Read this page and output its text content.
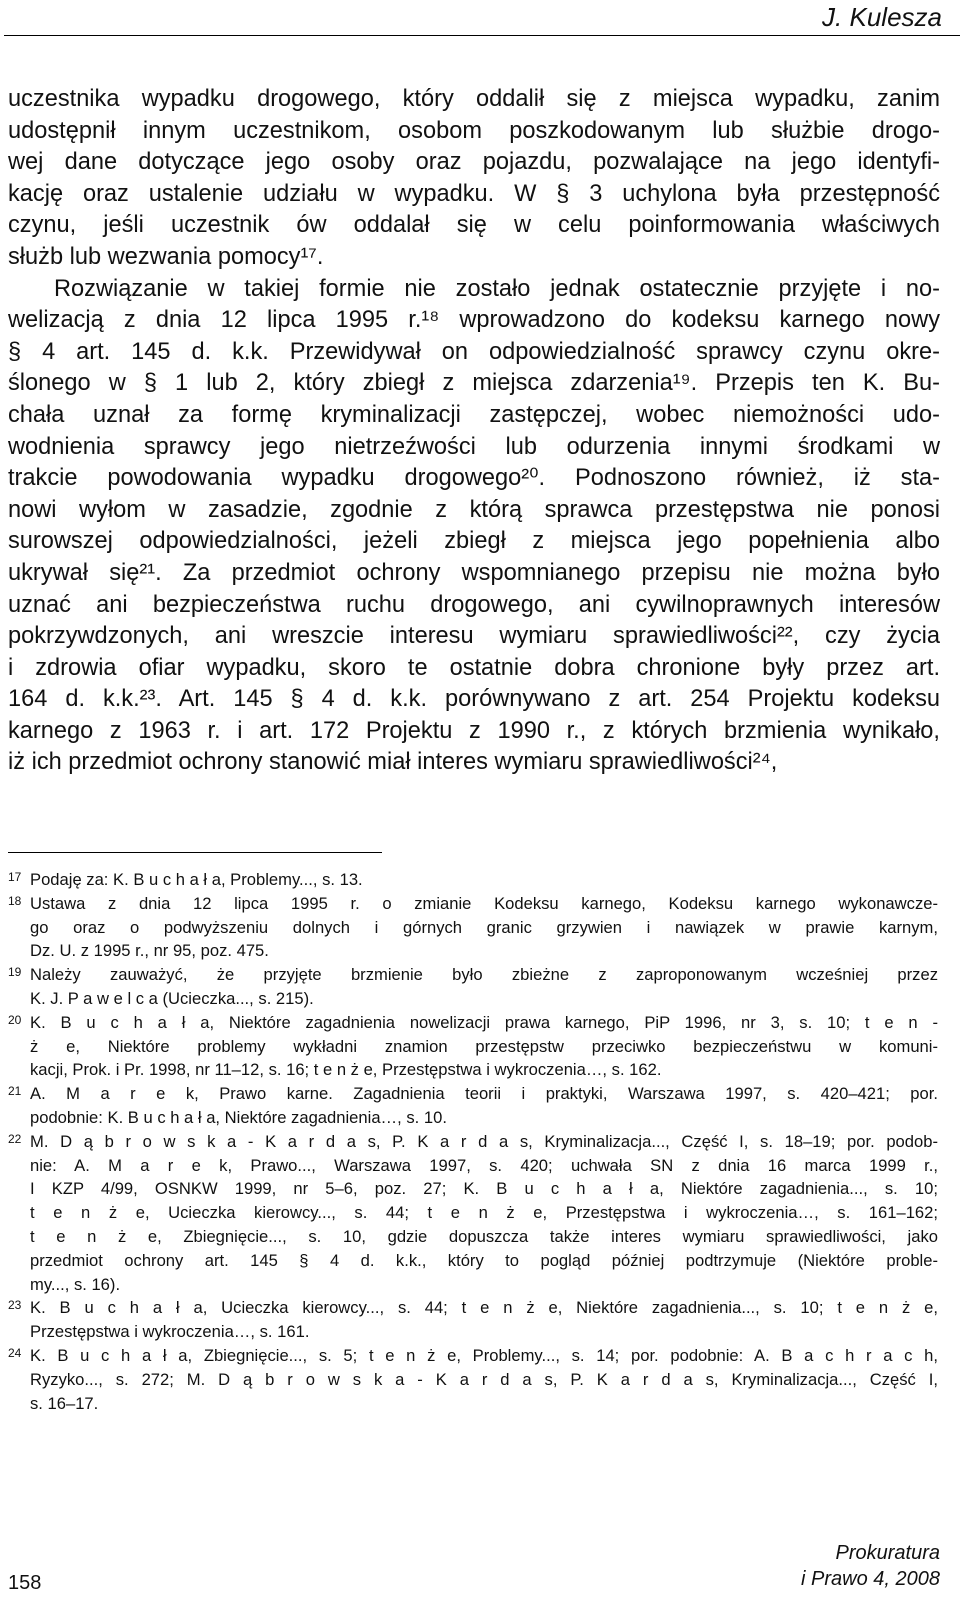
J. Kulesza

uczestnika wypadku drogowego, który oddalił się z miejsca wypadku, zanim

udostępnił innym uczestnikom, osobom poszkodowanym lub służbie drogo-

wej dane dotyczące jego osoby oraz pojazdu, pozwalające na jego identyfi-

kację oraz ustalenie udziału w wypadku. W § 3 uchylona była przestępność

czynu, jeśli uczestnik ów oddalał się w celu poinformowania właściwych

służb lub wezwania pomocy¹⁷.

Rozwiązanie w takiej formie nie zostało jednak ostatecznie przyjęte i no-

welizacją z dnia 12 lipca 1995 r.¹⁸ wprowadzono do kodeksu karnego nowy

§ 4 art. 145 d. k.k. Przewidywał on odpowiedzialność sprawcy czynu okre-

ślonego w § 1 lub 2, który zbiegł z miejsca zdarzenia¹⁹. Przepis ten K. Bu-

chała uznał za formę kryminalizacji zastępczej, wobec niemożności udo-

wodnienia sprawcy jego nietrzeźwości lub odurzenia innymi środkami w

trakcie powodowania wypadku drogowego²⁰. Podnoszono również, iż sta-

nowi wyłom w zasadzie, zgodnie z którą sprawca przestępstwa nie ponosi

surowszej odpowiedzialności, jeżeli zbiegł z miejsca jego popełnienia albo

ukrywał się²¹. Za przedmiot ochrony wspomnianego przepisu nie można było

uznać ani bezpieczeństwa ruchu drogowego, ani cywilnoprawnych interesów

pokrzywdzonych, ani wreszcie interesu wymiaru sprawiedliwości²², czy życia

i zdrowia ofiar wypadku, skoro te ostatnie dobra chronione były przez art.

164 d. k.k.²³. Art. 145 § 4 d. k.k. porównywano z art. 254 Projektu kodeksu

karnego z 1963 r. i art. 172 Projektu z 1990 r., z których brzmienia wynikało,

iż ich przedmiot ochrony stanowić miał interes wymiaru sprawiedliwości²⁴,

17 Podaję za: K. B u c h a ł a, Problemy..., s. 13.

18 Ustawa z dnia 12 lipca 1995 r. o zmianie Kodeksu karnego, Kodeksu karnego wykonawcze-

go oraz o podwyższeniu dolnych i górnych granic grzywien i nawiązek w prawie karnym,

Dz. U. z 1995 r., nr 95, poz. 475.

19 Należy zauważyć, że przyjęte brzmienie było zbieżne z zaproponowanym wcześniej przez

K. J. P a w e l c a (Ucieczka..., s. 215).

20 K. B u c h a ł a, Niektóre zagadnienia nowelizacji prawa karnego, PiP 1996, nr 3, s. 10; t e n -

ż e, Niektóre problemy wykładni znamion przestępstw przeciwko bezpieczeństwu w komuni-

kacji, Prok. i Pr. 1998, nr 11–12, s. 16; t e n ż e, Przestępstwa i wykroczenia…, s. 162.

21 A. M a r e k, Prawo karne. Zagadnienia teorii i praktyki, Warszawa 1997, s. 420–421; por.

podobnie: K. B u c h a ł a, Niektóre zagadnienia…, s. 10.

22 M. D ą b r o w s k a - K a r d a s, P. K a r d a s, Kryminalizacja..., Część I, s. 18–19; por. podob-

nie: A. M a r e k, Prawo..., Warszawa 1997, s. 420; uchwała SN z dnia 16 marca 1999 r.,

I KZP 4/99, OSNKW 1999, nr 5–6, poz. 27; K. B u c h a ł a, Niektóre zagadnienia..., s. 10;

t e n ż e, Ucieczka kierowcy..., s. 44; t e n ż e, Przestępstwa i wykroczenia…, s. 161–162;

t e n ż e, Zbiegnięcie..., s. 10, gdzie dopuszcza także interes wymiaru sprawiedliwości, jako

przedmiot ochrony art. 145 § 4 d. k.k., który to pogląd później podtrzymuje (Niektóre proble-

my..., s. 16).

23 K. B u c h a ł a, Ucieczka kierowcy..., s. 44; t e n ż e, Niektóre zagadnienia..., s. 10; t e n ż e,

Przestępstwa i wykroczenia…, s. 161.

24 K. B u c h a ł a, Zbiegnięcie..., s. 5; t e n ż e, Problemy..., s. 14; por. podobnie: A. B a c h r a c h,

Ryzyko..., s. 272; M. D ą b r o w s k a - K a r d a s, P. K a r d a s, Kryminalizacja..., Część I,

s. 16–17.

158
Prokuratura
i Prawo 4, 2008
